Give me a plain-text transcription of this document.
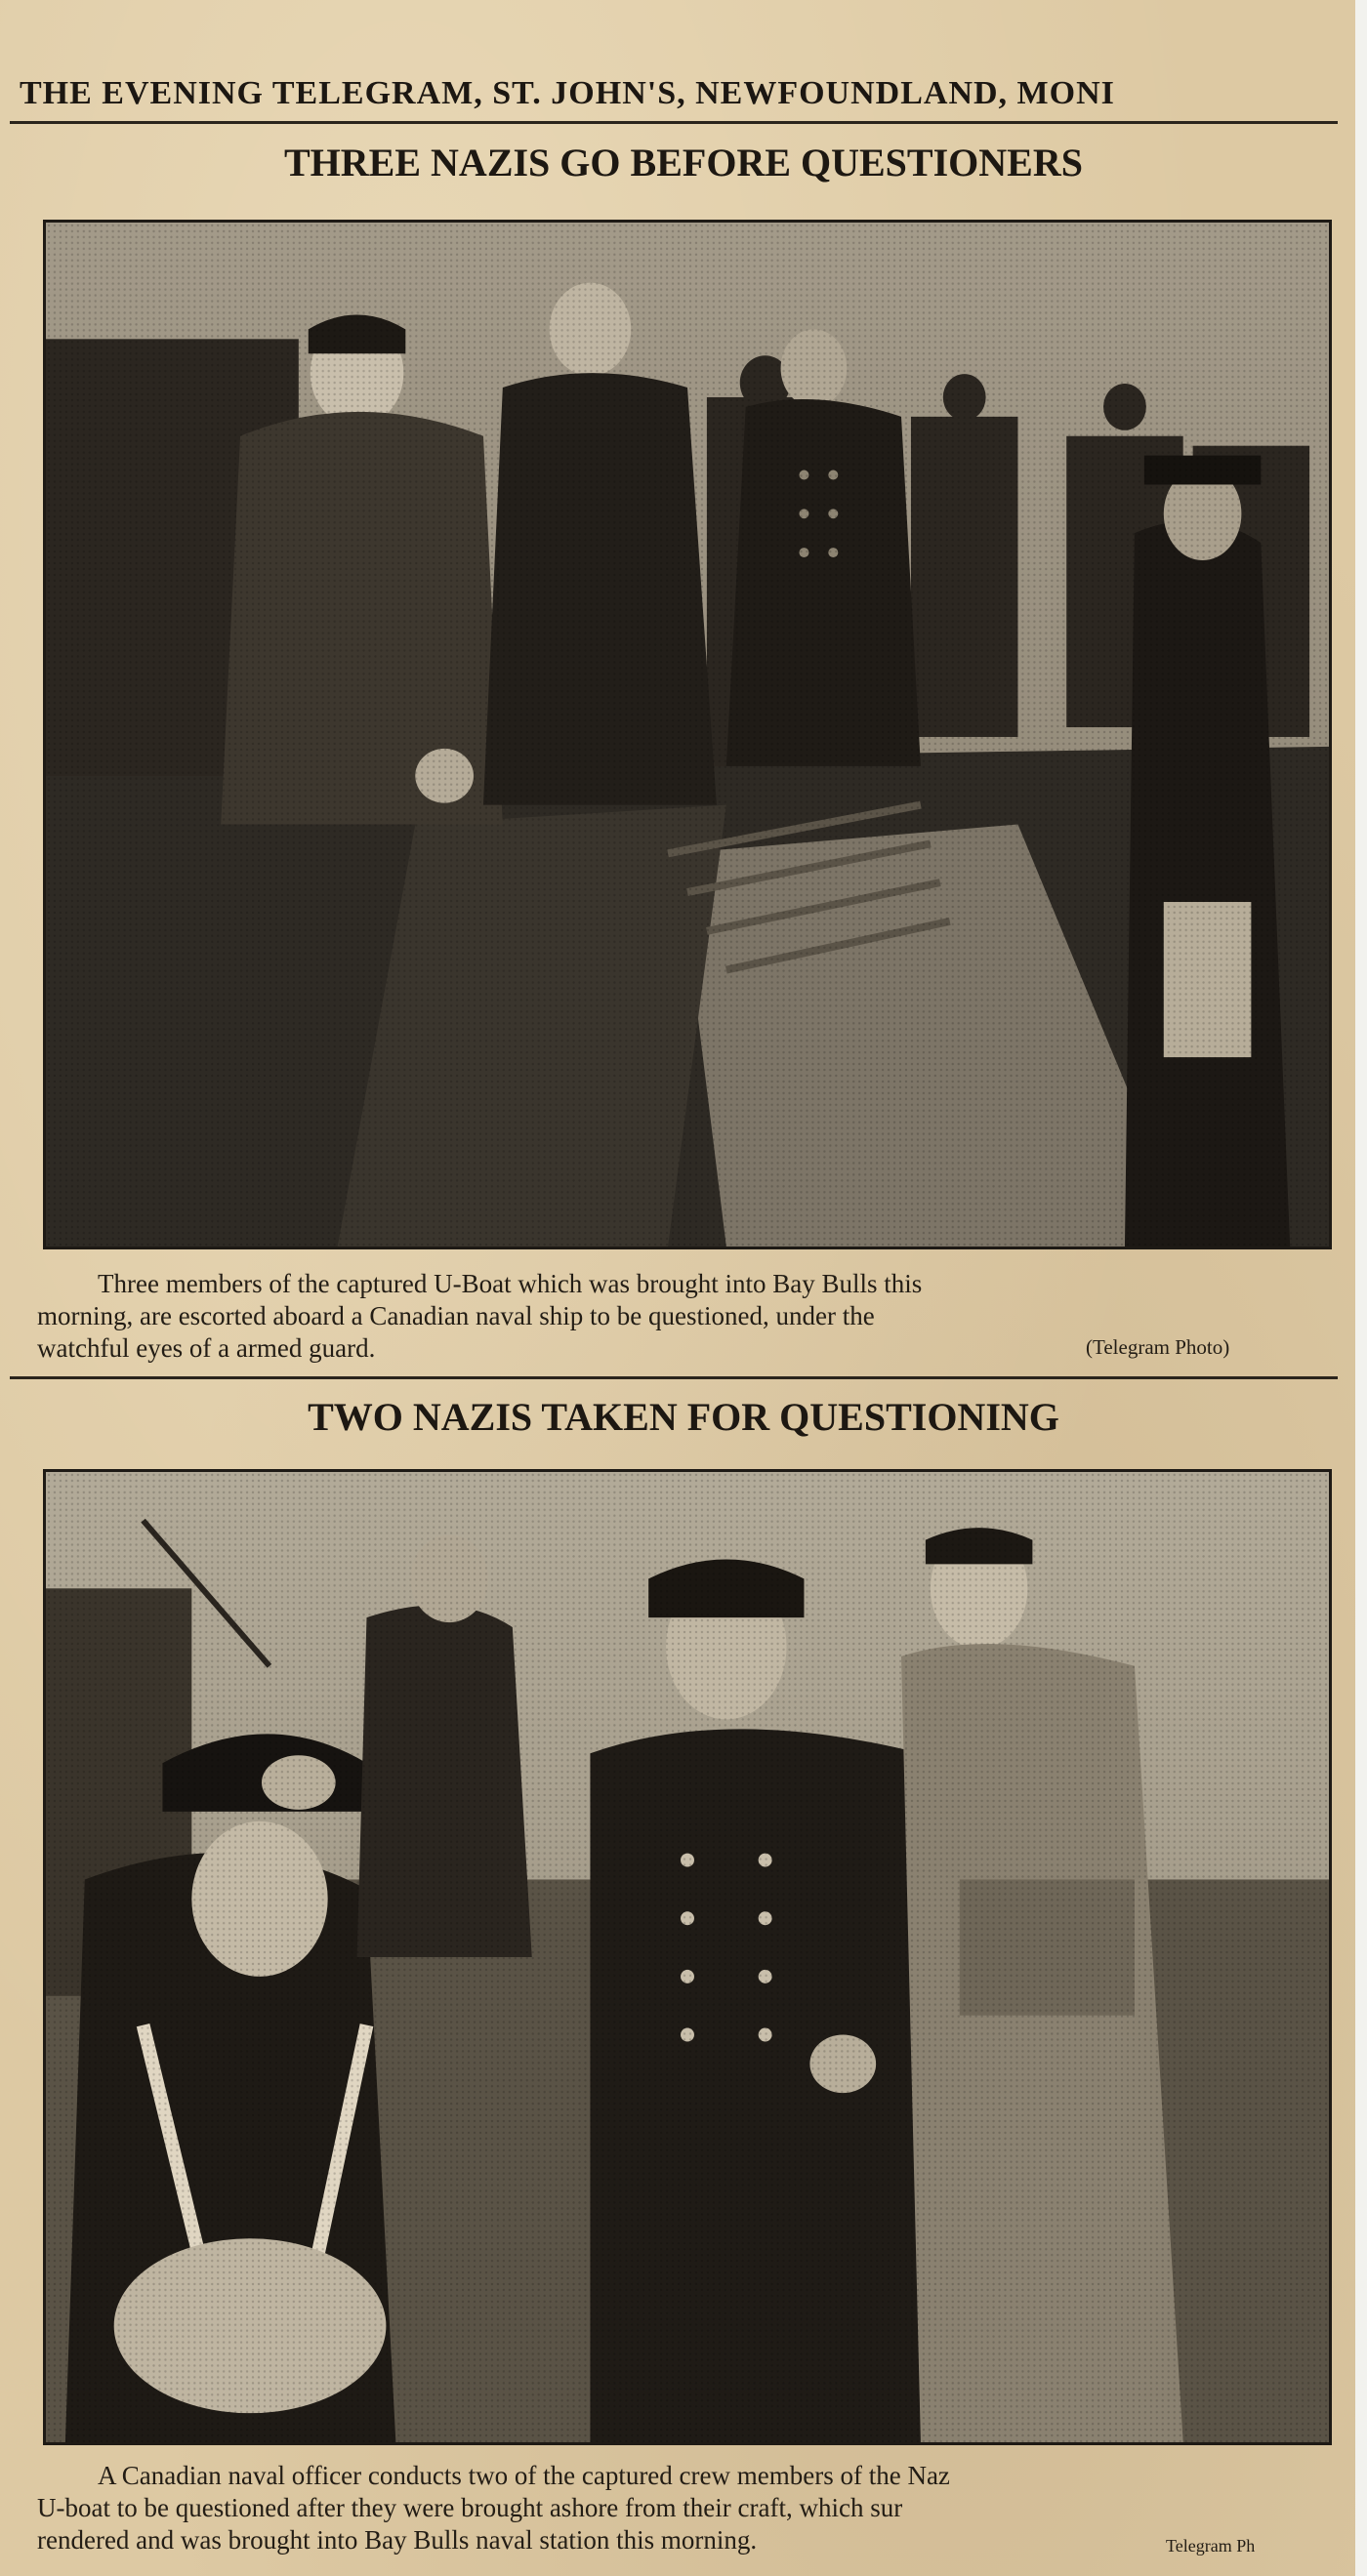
THE EVENING TELEGRAM, ST. JOHN'S, NEWFOUNDLAND, MONI
THREE NAZIS GO BEFORE QUESTIONERS
Three members of the captured U-Boat which was brought into Bay Bulls this
morning, are escorted aboard a Canadian naval ship to be questioned, under the
watchful eyes of a armed guard.	(Telegram Photo)
TWO NAZIS TAKEN FOR QUESTIONING
A Canadian naval officer conducts two of the captured crew members of the Naz
U-boat to be questioned after they were brought ashore from their craft, which sur
rendered and was brought into Bay Bulls naval station this morning.	Telegram Ph
